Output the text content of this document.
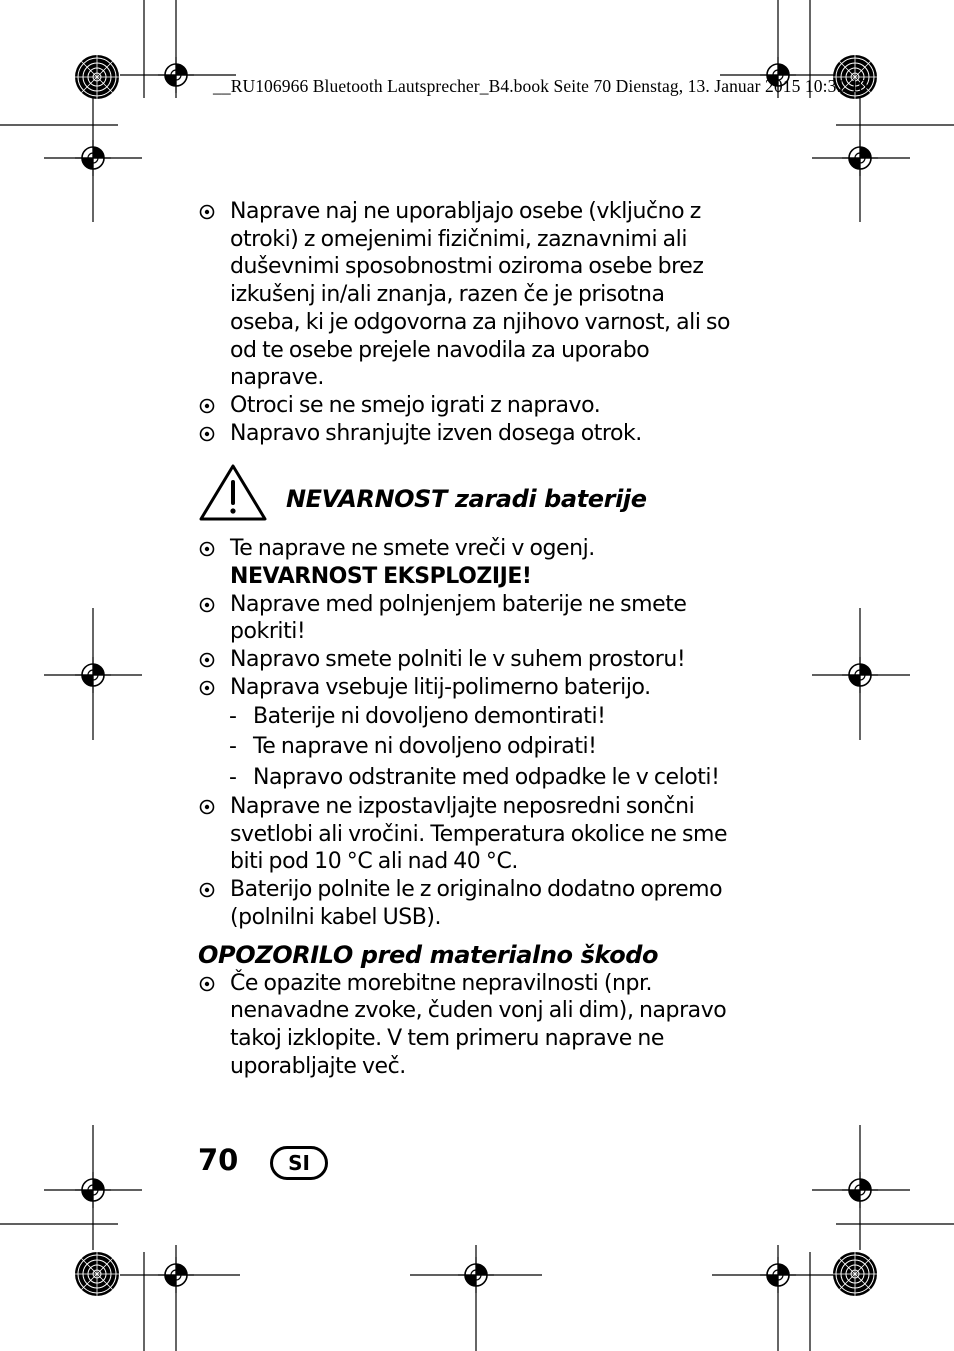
__RU106966 Bluetooth Lautsprecher_B4.book Seite 70 Dienstag, 13. Januar 2015 10:31 10
Naprave naj ne uporabljajo osebe (vključno z otroki) z omejenimi fizičnimi, zaznavnimi ali duševnimi sposobnostmi oziroma osebe brez izkušenj in/ali znanja, razen če je prisotna oseba, ki je odgovorna za njihovo varnost, ali so od te osebe prejele navodila za uporabo naprave.
Otroci se ne smejo igrati z napravo.
Napravo shranjujte izven dosega otrok.
NEVARNOST zaradi baterije
Te naprave ne smete vreči v ogenj. NEVARNOST EKSPLOZIJE!
Naprave med polnjenjem baterije ne smete pokriti!
Napravo smete polniti le v suhem prostoru!
Naprava vsebuje litij-polimerno baterijo.
- Baterije ni dovoljeno demontirati!
- Te naprave ni dovoljeno odpirati!
- Napravo odstranite med odpadke le v celoti!
Naprave ne izpostavljajte neposredni sončni svetlobi ali vročini. Temperatura okolice ne sme biti pod 10 °C ali nad 40 °C.
Baterijo polnite le z originalno dodatno opremo (polnilni kabel USB).
OPOZORILO pred materialno škodo
Če opazite morebitne nepravilnosti (npr. nenavadne zvoke, čuden vonj ali dim), napravo takoj izklopite. V tem primeru naprave ne uporabljajte več.
70	SI
